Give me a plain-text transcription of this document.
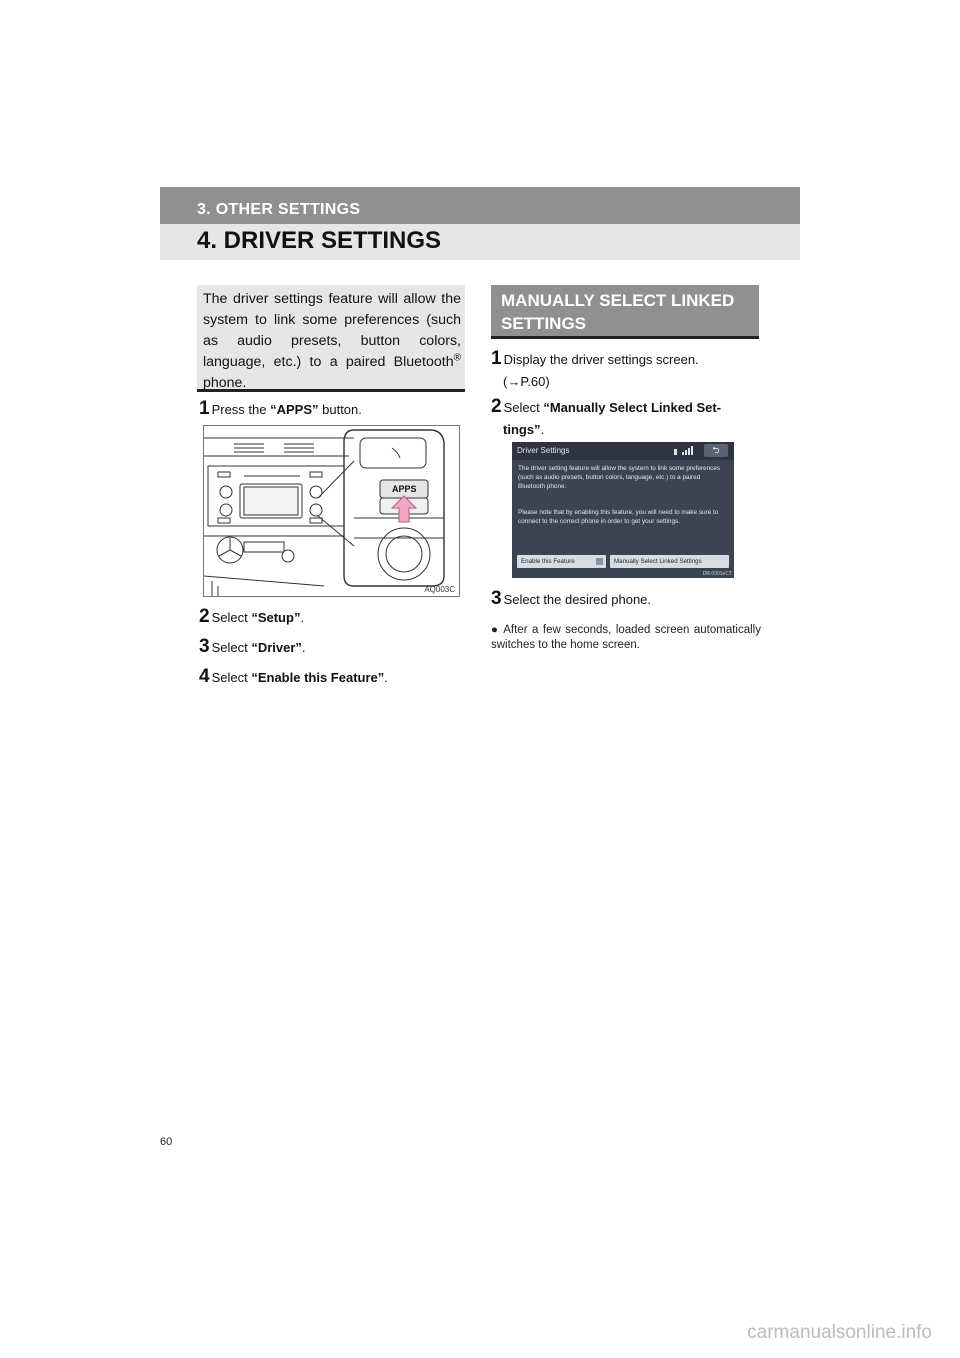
3. OTHER SETTINGS
4. DRIVER SETTINGS
The driver settings feature will allow the system to link some preferences (such as audio presets, button colors, language, etc.) to a paired Bluetooth® phone.
1 Press the “APPS” button.
APPS
AQ003C
2 Select “Setup”.
3 Select “Driver”.
4 Select “Enable this Feature”.
MANUALLY SELECT LINKED
SETTINGS
1 Display the driver settings screen.
(→P.60)
2 Select “Manually Select Linked Set-
tings”.
Driver Settings	⮌
The driver setting feature will allow the system to link some preferences (such as audio presets, button colors, language, etc.) to a paired Bluetooth phone.
Please note that by enabling this feature, you will need to make sure to connect to the correct phone in order to get your settings.
Enable this Feature	Manually Select Linked Settings
DR.0001eCT
3 Select the desired phone.
● After a few seconds, loaded screen automatically switches to the home screen.
60
carmanualsonline.info
